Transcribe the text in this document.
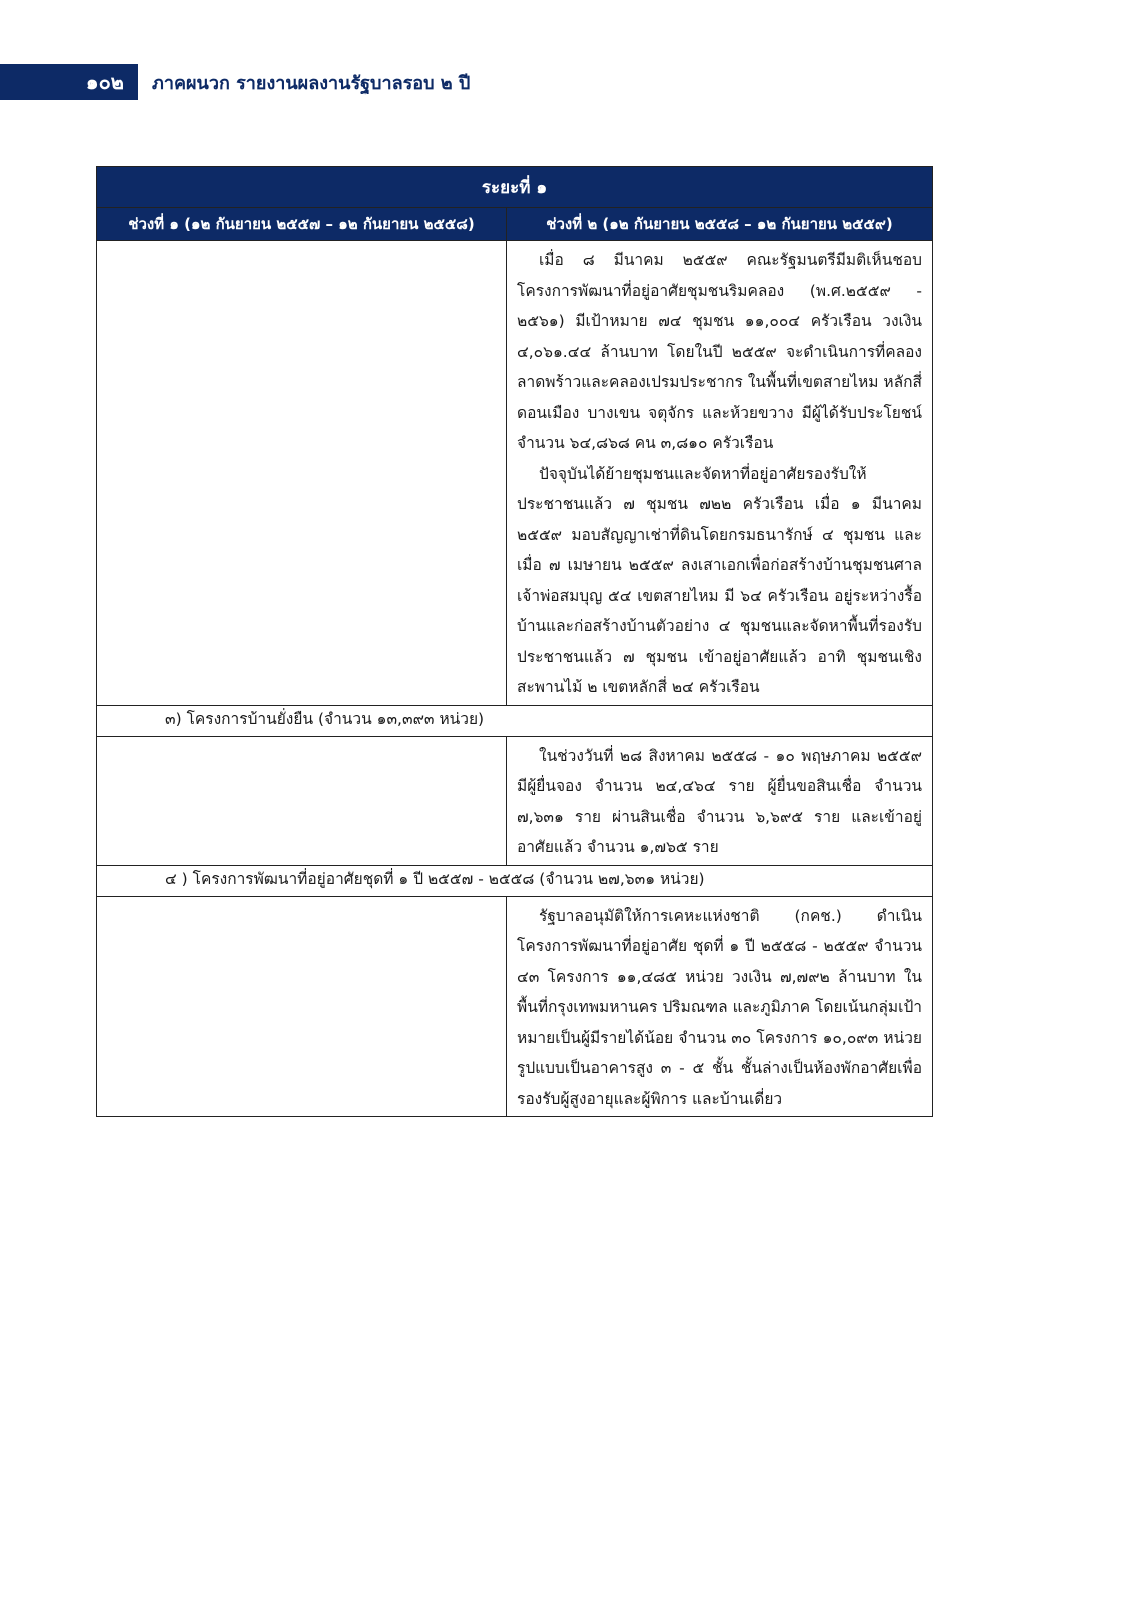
๑๐๒ ภาคผนวก รายงานผลงานรัฐบาลรอบ ๒ ปี
ระยะที่ ๑	
ช่วงที่ ๑ (๑๒ กันยายน ๒๕๕๗ – ๑๒ กันยายน ๒๕๕๘)	ช่วงที่ ๒ (๑๒ กันยายน ๒๕๕๘ – ๑๒ กันยายน ๒๕๕๙)

	เมื่อ ๘ มีนาคม ๒๕๕๙ คณะรัฐมนตรีมีมติเห็นชอบโครงการพัฒนาที่อยู่อาศัยชุมชนริมคลอง (พ.ศ.๒๕๕๙ - ๒๕๖๑) มีเป้าหมาย ๗๔ ชุมชน ๑๑,๐๐๔ ครัวเรือน วงเงิน ๔,๐๖๑.๔๔ ล้านบาท โดยในปี ๒๕๕๙ จะดำเนินการที่คลองลาดพร้าวและคลองเปรมประชากร ในพื้นที่เขตสายไหม หลักสี่ ดอนเมือง บางเขน จตุจักร และห้วยขวาง มีผู้ได้รับประโยชน์ จำนวน ๖๔,๘๖๘ คน ๓,๘๑๐ ครัวเรือน

ปัจจุบันได้ย้ายชุมชนและจัดหาที่อยู่อาศัยรองรับให้ประชาชนแล้ว ๗ ชุมชน ๗๒๒ ครัวเรือน เมื่อ ๑ มีนาคม ๒๕๕๙ มอบสัญญาเช่าที่ดินโดยกรมธนารักษ์ ๔ ชุมชน และเมื่อ ๗ เมษายน ๒๕๕๙ ลงเสาเอกเพื่อก่อสร้างบ้านชุมชนศาลเจ้าพ่อสมบุญ ๕๔ เขตสายไหม มี ๖๔ ครัวเรือน อยู่ระหว่างรื้อบ้านและก่อสร้างบ้านตัวอย่าง ๔ ชุมชนและจัดหาพื้นที่รองรับประชาชนแล้ว ๗ ชุมชน เข้าอยู่อาศัยแล้ว อาทิ ชุมชนเชิงสะพานไม้ ๒ เขตหลักสี่ ๒๔ ครัวเรือน

๓) โครงการบ้านยั่งยืน (จำนวน ๑๓,๓๙๓ หน่วย)	

	ในช่วงวันที่ ๒๘ สิงหาคม ๒๕๕๘ - ๑๐ พฤษภาคม ๒๕๕๙ มีผู้ยื่นจอง จำนวน ๒๔,๔๖๔ ราย ผู้ยื่นขอสินเชื่อ จำนวน ๗,๖๓๑ ราย ผ่านสินเชื่อ จำนวน ๖,๖๙๕ ราย และเข้าอยู่อาศัยแล้ว จำนวน ๑,๗๖๕ ราย

๔ ) โครงการพัฒนาที่อยู่อาศัยชุดที่ ๑ ปี ๒๕๕๗ - ๒๕๕๘ (จำนวน ๒๗,๖๓๑ หน่วย)	

	รัฐบาลอนุมัติให้การเคหะแห่งชาติ (กคช.) ดำเนินโครงการพัฒนาที่อยู่อาศัย ชุดที่ ๑ ปี ๒๕๕๘ - ๒๕๕๙ จำนวน ๔๓ โครงการ ๑๑,๔๘๕ หน่วย วงเงิน ๗,๗๙๒ ล้านบาท ในพื้นที่กรุงเทพมหานคร ปริมณฑล และภูมิภาค โดยเน้นกลุ่มเป้าหมายเป็นผู้มีรายได้น้อย จำนวน ๓๐ โครงการ ๑๐,๐๙๓ หน่วย รูปแบบเป็นอาคารสูง ๓ - ๕ ชั้น ชั้นล่างเป็นห้องพักอาศัยเพื่อรองรับผู้สูงอายุและผู้พิการ และบ้านเดี่ยว
